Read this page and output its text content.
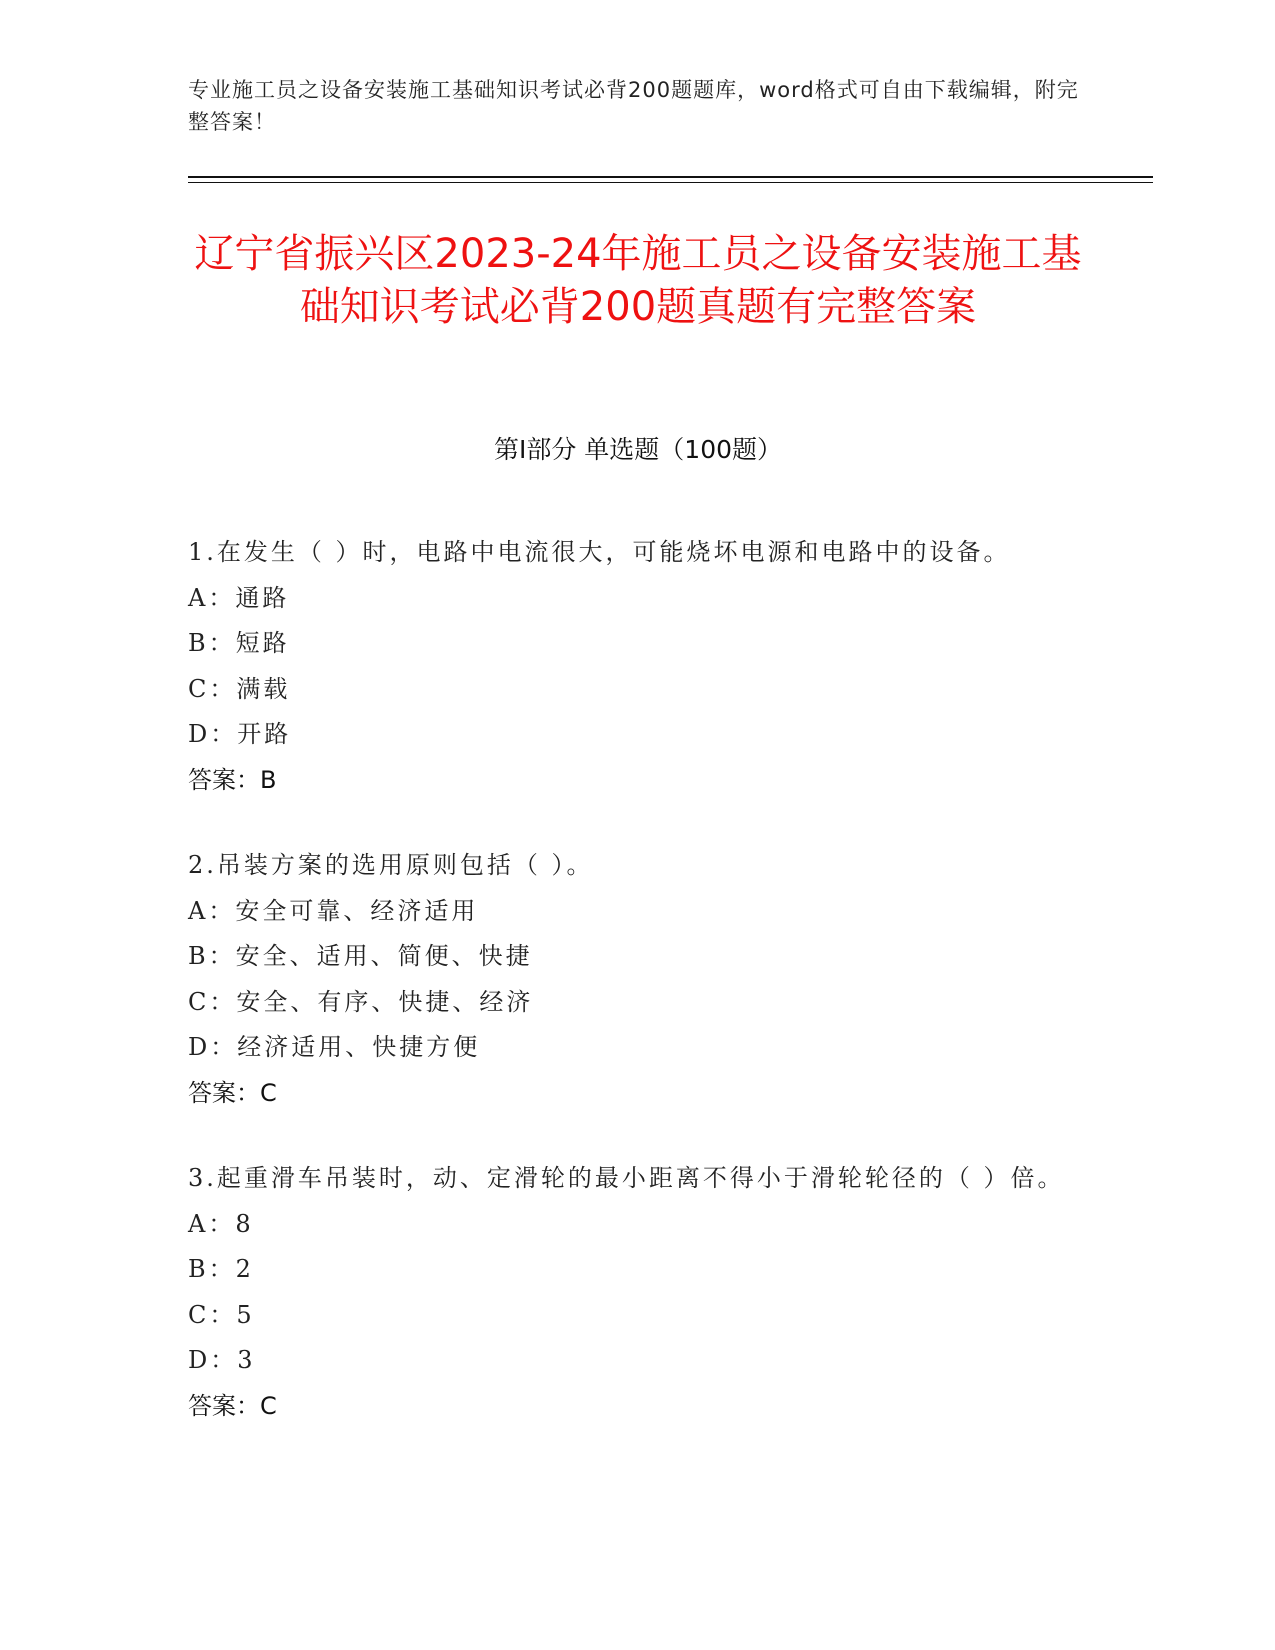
专业施工员之设备安装施工基础知识考试必背200题题库，word格式可自由下载编辑，附完整答案！
辽宁省振兴区2023-24年施工员之设备安装施工基础知识考试必背200题真题有完整答案
第I部分 单选题（100题）
1.在发生（ ）时，电路中电流很大，可能烧坏电源和电路中的设备。
A：通路
B：短路
C：满载
D：开路
答案：B
2.吊装方案的选用原则包括（ ）。
A：安全可靠、经济适用
B：安全、适用、简便、快捷
C：安全、有序、快捷、经济
D：经济适用、快捷方便
答案：C
3.起重滑车吊装时，动、定滑轮的最小距离不得小于滑轮轮径的（ ）倍。
A：8
B：2
C：5
D：3
答案：C
